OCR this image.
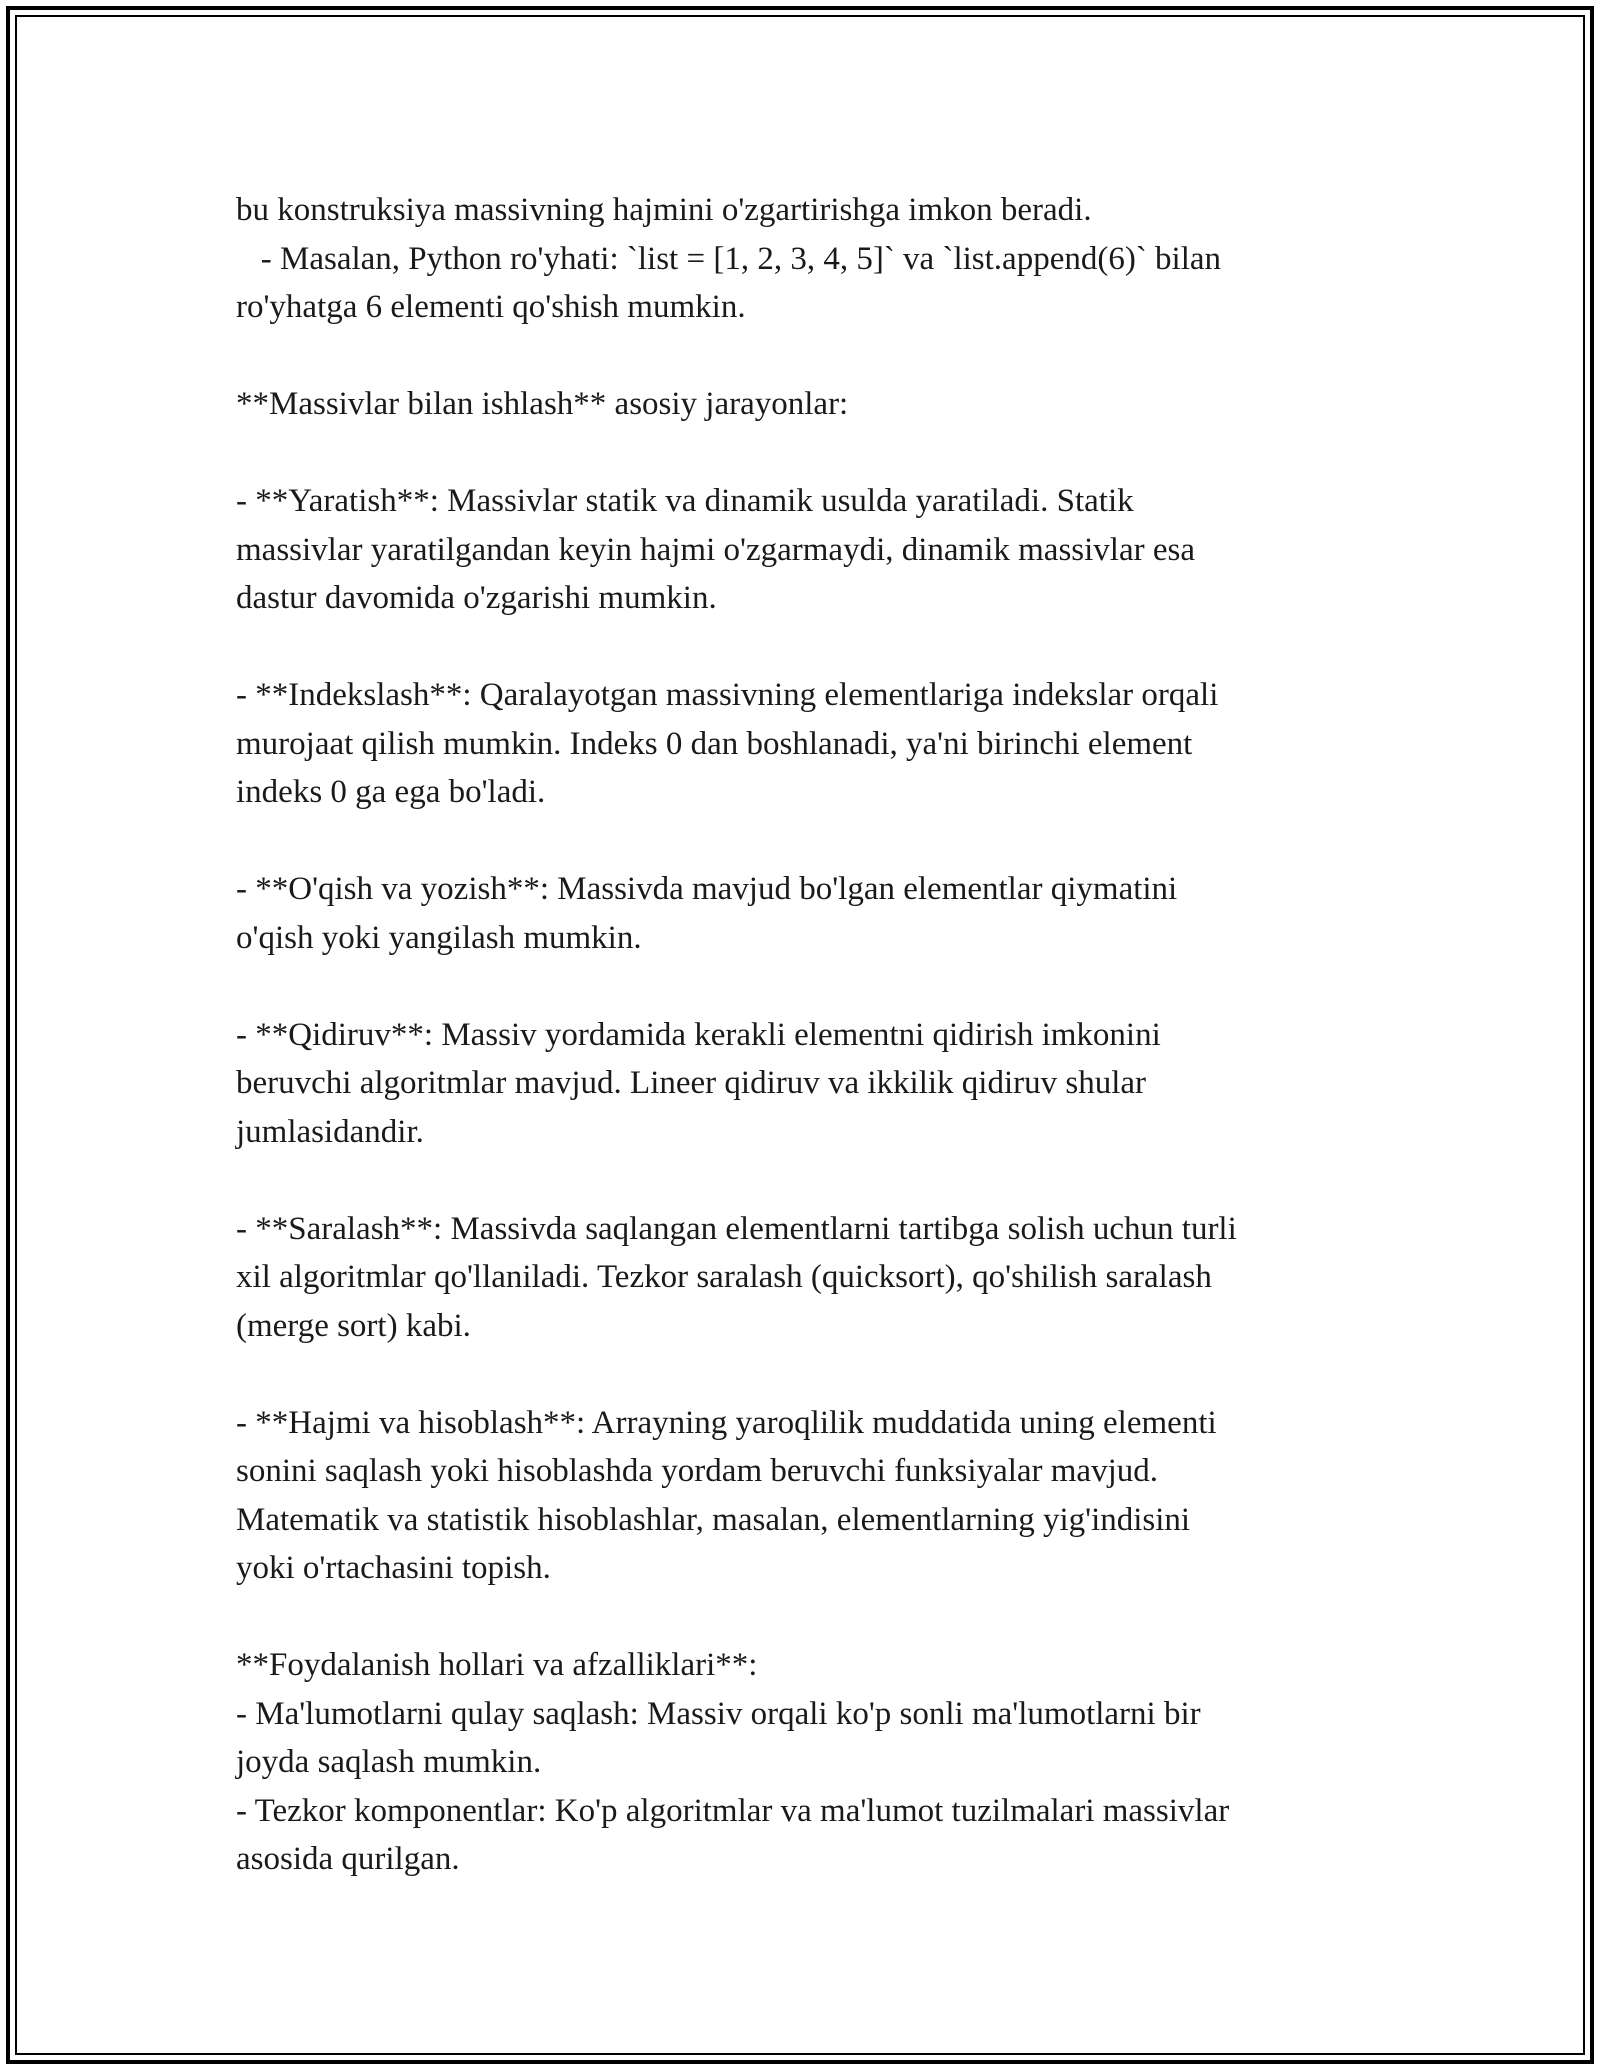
bu konstruksiya massivning hajmini o'zgartirishga imkon beradi.
- Masalan, Python ro'yhati: `list = [1, 2, 3, 4, 5]` va `list.append(6)` bilan
ro'yhatga 6 elementi qo'shish mumkin.
**Massivlar bilan ishlash** asosiy jarayonlar:
- **Yaratish**: Massivlar statik va dinamik usulda yaratiladi. Statik
massivlar yaratilgandan keyin hajmi o'zgarmaydi, dinamik massivlar esa
dastur davomida o'zgarishi mumkin.
- **Indekslash**: Qaralayotgan massivning elementlariga indekslar orqali
murojaat qilish mumkin. Indeks 0 dan boshlanadi, ya'ni birinchi element
indeks 0 ga ega bo'ladi.
- **O'qish va yozish**: Massivda mavjud bo'lgan elementlar qiymatini
o'qish yoki yangilash mumkin.
- **Qidiruv**: Massiv yordamida kerakli elementni qidirish imkonini
beruvchi algoritmlar mavjud. Lineer qidiruv va ikkilik qidiruv shular
jumlasidandir.
- **Saralash**: Massivda saqlangan elementlarni tartibga solish uchun turli
xil algoritmlar qo'llaniladi. Tezkor saralash (quicksort), qo'shilish saralash
(merge sort) kabi.
- **Hajmi va hisoblash**: Arrayning yaroqlilik muddatida uning elementi
sonini saqlash yoki hisoblashda yordam beruvchi funksiyalar mavjud.
Matematik va statistik hisoblashlar, masalan, elementlarning yig'indisini
yoki o'rtachasini topish.
**Foydalanish hollari va afzalliklari**:
- Ma'lumotlarni qulay saqlash: Massiv orqali ko'p sonli ma'lumotlarni bir
joyda saqlash mumkin.
- Tezkor komponentlar: Ko'p algoritmlar va ma'lumot tuzilmalari massivlar
asosida qurilgan.
